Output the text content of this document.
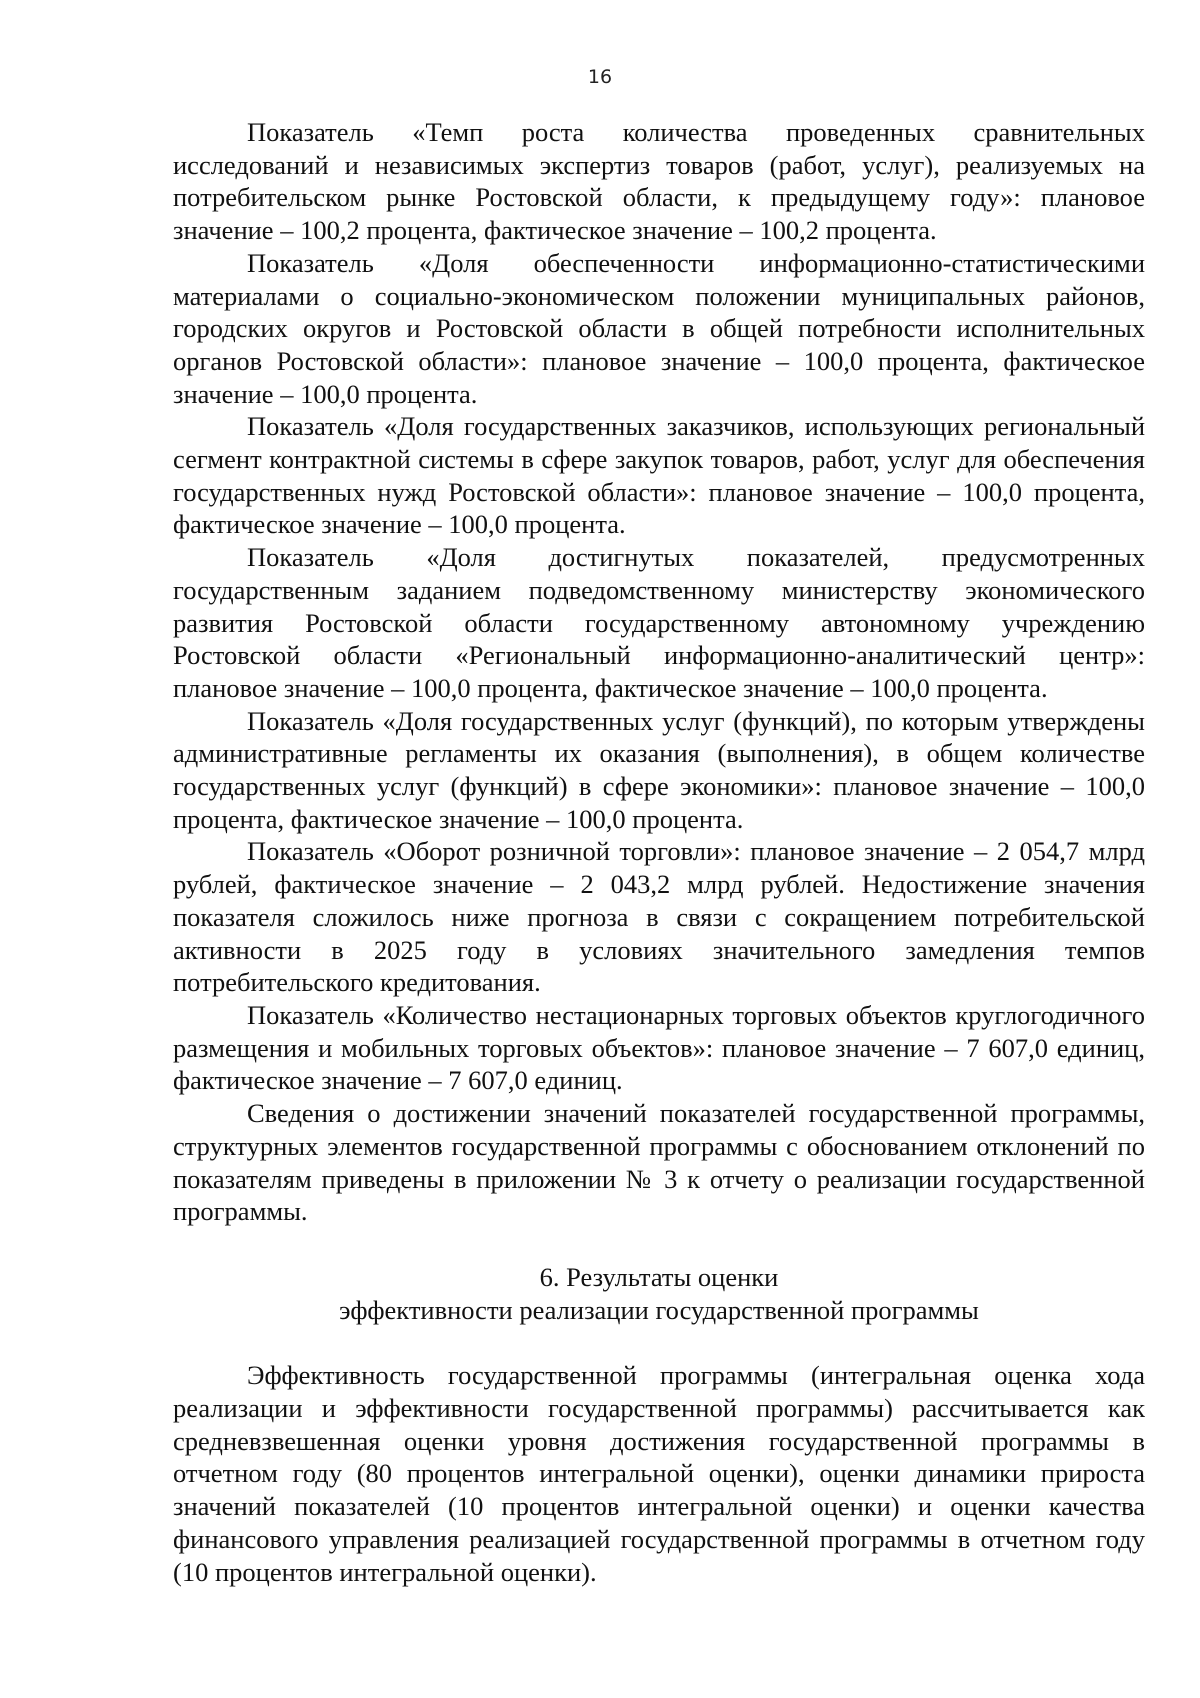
16

Показатель «Темп роста количества проведенных сравнительных исследований и независимых экспертиз товаров (работ, услуг), реализуемых на потребительском рынке Ростовской области, к предыдущему году»: плановое значение – 100,2 процента, фактическое значение – 100,2 процента.

Показатель «Доля обеспеченности информационно-статистическими материалами о социально-экономическом положении муниципальных районов, городских округов и Ростовской области в общей потребности исполнительных органов Ростовской области»: плановое значение – 100,0 процента, фактическое значение – 100,0 процента.

Показатель «Доля государственных заказчиков, использующих региональный сегмент контрактной системы в сфере закупок товаров, работ, услуг для обеспечения государственных нужд Ростовской области»: плановое значение – 100,0 процента, фактическое значение – 100,0 процента.

Показатель «Доля достигнутых показателей, предусмотренных государственным заданием подведомственному министерству экономического развития Ростовской области государственному автономному учреждению Ростовской области «Региональный информационно-аналитический центр»: плановое значение – 100,0 процента, фактическое значение – 100,0 процента.

Показатель «Доля государственных услуг (функций), по которым утверждены административные регламенты их оказания (выполнения), в общем количестве государственных услуг (функций) в сфере экономики»: плановое значение – 100,0 процента, фактическое значение – 100,0 процента.

Показатель «Оборот розничной торговли»: плановое значение – 2 054,7 млрд рублей, фактическое значение – 2 043,2 млрд рублей. Недостижение значения показателя сложилось ниже прогноза в связи с сокращением потребительской активности в 2025 году в условиях значительного замедления темпов потребительского кредитования.

Показатель «Количество нестационарных торговых объектов круглогодичного размещения и мобильных торговых объектов»: плановое значение – 7 607,0 единиц, фактическое значение – 7 607,0 единиц.

Сведения о достижении значений показателей государственной программы, структурных элементов государственной программы с обоснованием отклонений по показателям приведены в приложении № 3 к отчету о реализации государственной программы.

6. Результаты оценки
эффективности реализации государственной программы

Эффективность государственной программы (интегральная оценка хода реализации и эффективности государственной программы) рассчитывается как средневзвешенная оценки уровня достижения государственной программы в отчетном году (80 процентов интегральной оценки), оценки динамики прироста значений показателей (10 процентов интегральной оценки) и оценки качества финансового управления реализацией государственной программы в отчетном году (10 процентов интегральной оценки).
